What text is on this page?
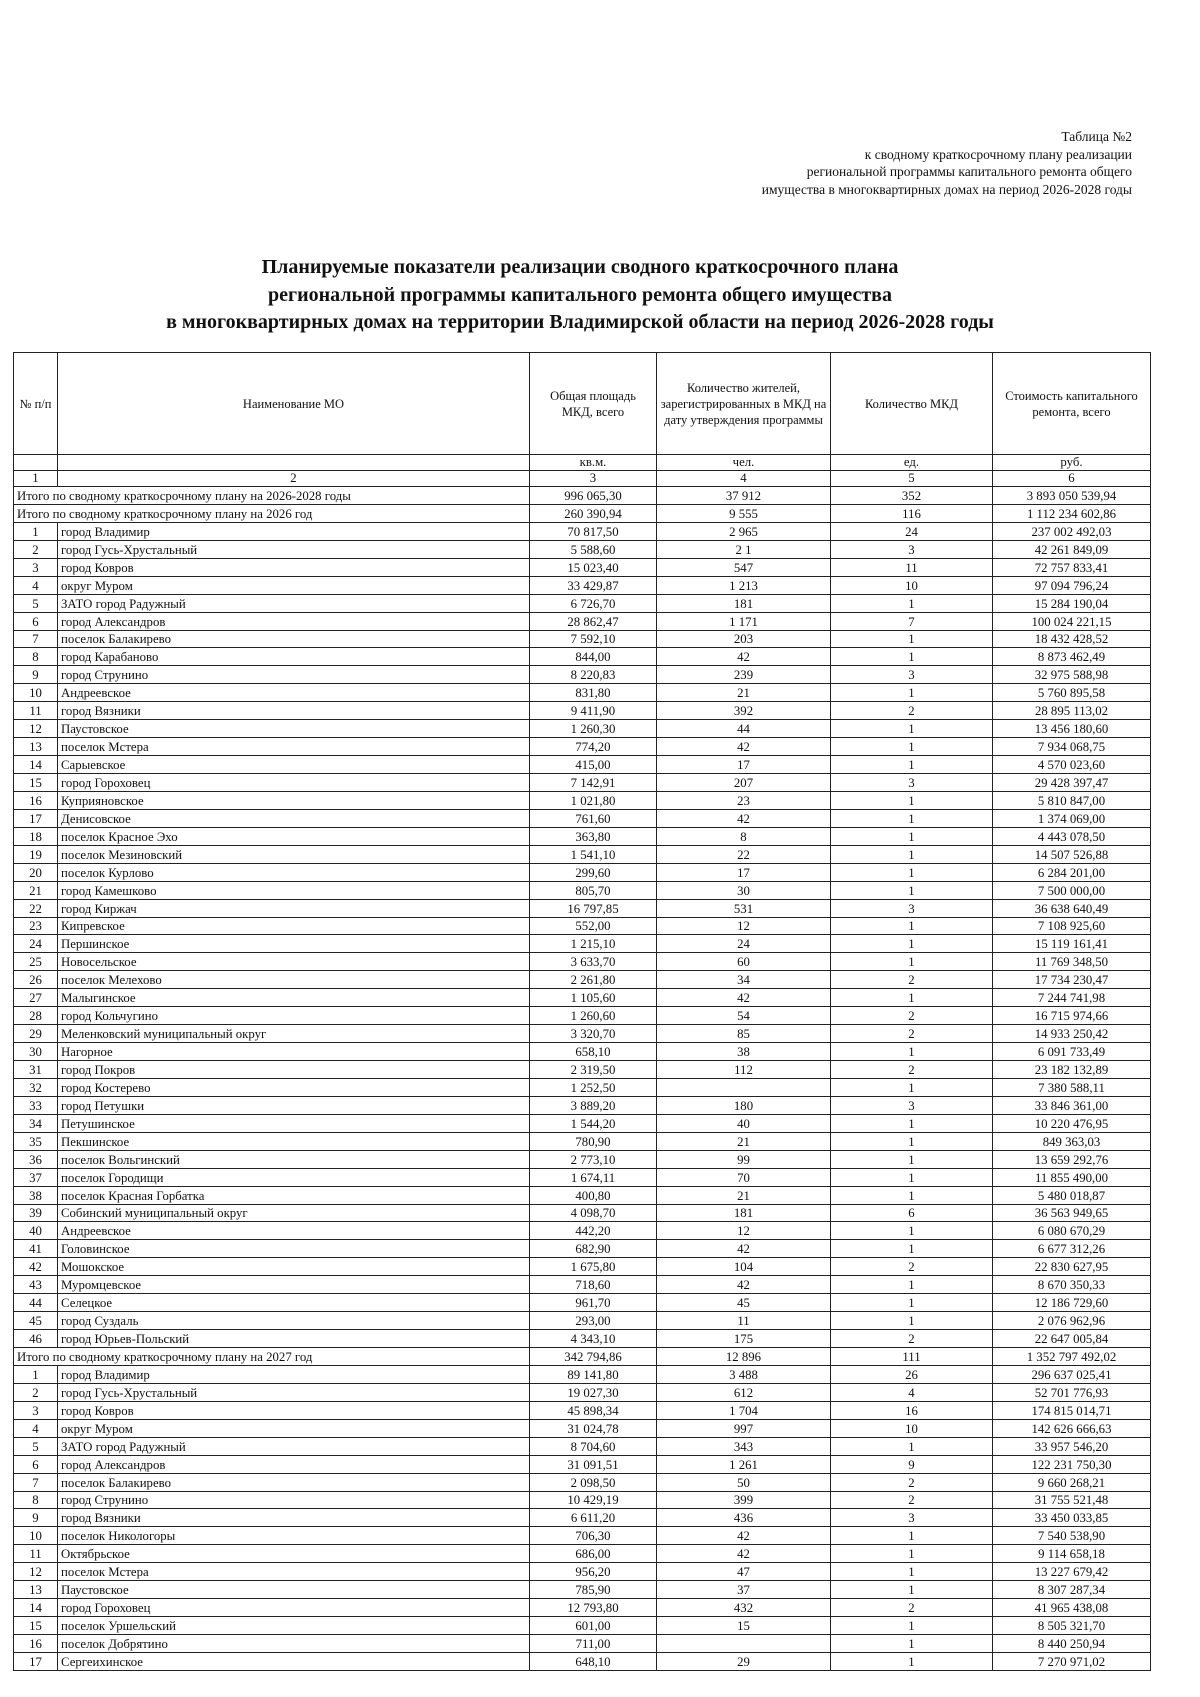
Таблица №2
к сводному краткосрочному плану реализации
региональной программы капитального ремонта общего
имущества в многоквартирных домах на период 2026-2028 годы
Планируемые показатели реализации сводного краткосрочного плана
региональной программы капитального ремонта общего имущества
в многоквартирных домах на территории Владимирской области на период 2026-2028 годы
№ п/п	Наименование МО	Общая площадь МКД, всего	Количество жителей, зарегистрированных в МКД на дату утверждения программы	Количество МКД	Стоимость капитального ремонта, всего
		кв.м.	чел.	ед.	руб.
1	2	3	4	5	6
Итого по сводному краткосрочному плану на 2026-2028 годы		996 065,30	37 912	352	3 893 050 539,94
Итого по сводному краткосрочному плану на 2026 год		260 390,94	9 555	116	1 112 234 602,86
1	город Владимир	70 817,50	2 965	24	237 002 492,03
2	город Гусь-Хрустальный	5 588,60	2 1	3	42 261 849,09
3	город Ковров	15 023,40	547	11	72 757 833,41
4	округ Муром	33 429,87	1 213	10	97 094 796,24
5	ЗАТО город Радужный	6 726,70	181	1	15 284 190,04
6	город Александров	28 862,47	1 171	7	100 024 221,15
7	поселок Балакирево	7 592,10	203	1	18 432 428,52
8	город Карабаново	844,00	42	1	8 873 462,49
9	город Струнино	8 220,83	239	3	32 975 588,98
10	Андреевское	831,80	21	1	5 760 895,58
11	город Вязники	9 411,90	392	2	28 895 113,02
12	Паустовское	1 260,30	44	1	13 456 180,60
13	поселок Мстера	774,20	42	1	7 934 068,75
14	Сарыевское	415,00	17	1	4 570 023,60
15	город Гороховец	7 142,91	207	3	29 428 397,47
16	Куприяновское	1 021,80	23	1	5 810 847,00
17	Денисовское	761,60	42	1	1 374 069,00
18	поселок Красное Эхо	363,80	8	1	4 443 078,50
19	поселок Мезиновский	1 541,10	22	1	14 507 526,88
20	поселок Курлово	299,60	17	1	6 284 201,00
21	город Камешково	805,70	30	1	7 500 000,00
22	город Киржач	16 797,85	531	3	36 638 640,49
23	Кипревское	552,00	12	1	7 108 925,60
24	Першинское	1 215,10	24	1	15 119 161,41
25	Новосельское	3 633,70	60	1	11 769 348,50
26	поселок Мелехово	2 261,80	34	2	17 734 230,47
27	Малыгинское	1 105,60	42	1	7 244 741,98
28	город Кольчугино	1 260,60	54	2	16 715 974,66
29	Меленковский муниципальный округ	3 320,70	85	2	14 933 250,42
30	Нагорное	658,10	38	1	6 091 733,49
31	город Покров	2 319,50	112	2	23 182 132,89
32	город Костерево	1 252,50		1	7 380 588,11
33	город Петушки	3 889,20	180	3	33 846 361,00
34	Петушинское	1 544,20	40	1	10 220 476,95
35	Пекшинское	780,90	21	1	849 363,03
36	поселок Вольгинский	2 773,10	99	1	13 659 292,76
37	поселок Городищи	1 674,11	70	1	11 855 490,00
38	поселок Красная Горбатка	400,80	21	1	5 480 018,87
39	Собинский муниципальный округ	4 098,70	181	6	36 563 949,65
40	Андреевское	442,20	12	1	6 080 670,29
41	Головинское	682,90	42	1	6 677 312,26
42	Мошокское	1 675,80	104	2	22 830 627,95
43	Муромцевское	718,60	42	1	8 670 350,33
44	Селецкое	961,70	45	1	12 186 729,60
45	город Суздаль	293,00	11	1	2 076 962,96
46	город Юрьев-Польский	4 343,10	175	2	22 647 005,84
Итого по сводному краткосрочному плану на 2027 год		342 794,86	12 896	111	1 352 797 492,02
1	город Владимир	89 141,80	3 488	26	296 637 025,41
2	город Гусь-Хрустальный	19 027,30	612	4	52 701 776,93
3	город Ковров	45 898,34	1 704	16	174 815 014,71
4	округ Муром	31 024,78	997	10	142 626 666,63
5	ЗАТО город Радужный	8 704,60	343	1	33 957 546,20
6	город Александров	31 091,51	1 261	9	122 231 750,30
7	поселок Балакирево	2 098,50	50	2	9 660 268,21
8	город Струнино	10 429,19	399	2	31 755 521,48
9	город Вязники	6 611,20	436	3	33 450 033,85
10	поселок Никологоры	706,30	42	1	7 540 538,90
11	Октябрьское	686,00	42	1	9 114 658,18
12	поселок Мстера	956,20	47	1	13 227 679,42
13	Паустовское	785,90	37	1	8 307 287,34
14	город Гороховец	12 793,80	432	2	41 965 438,08
15	поселок Уршельский	601,00	15	1	8 505 321,70
16	поселок Добрятино	711,00		1	8 440 250,94
17	Сергеихинское	648,10	29	1	7 270 971,02
